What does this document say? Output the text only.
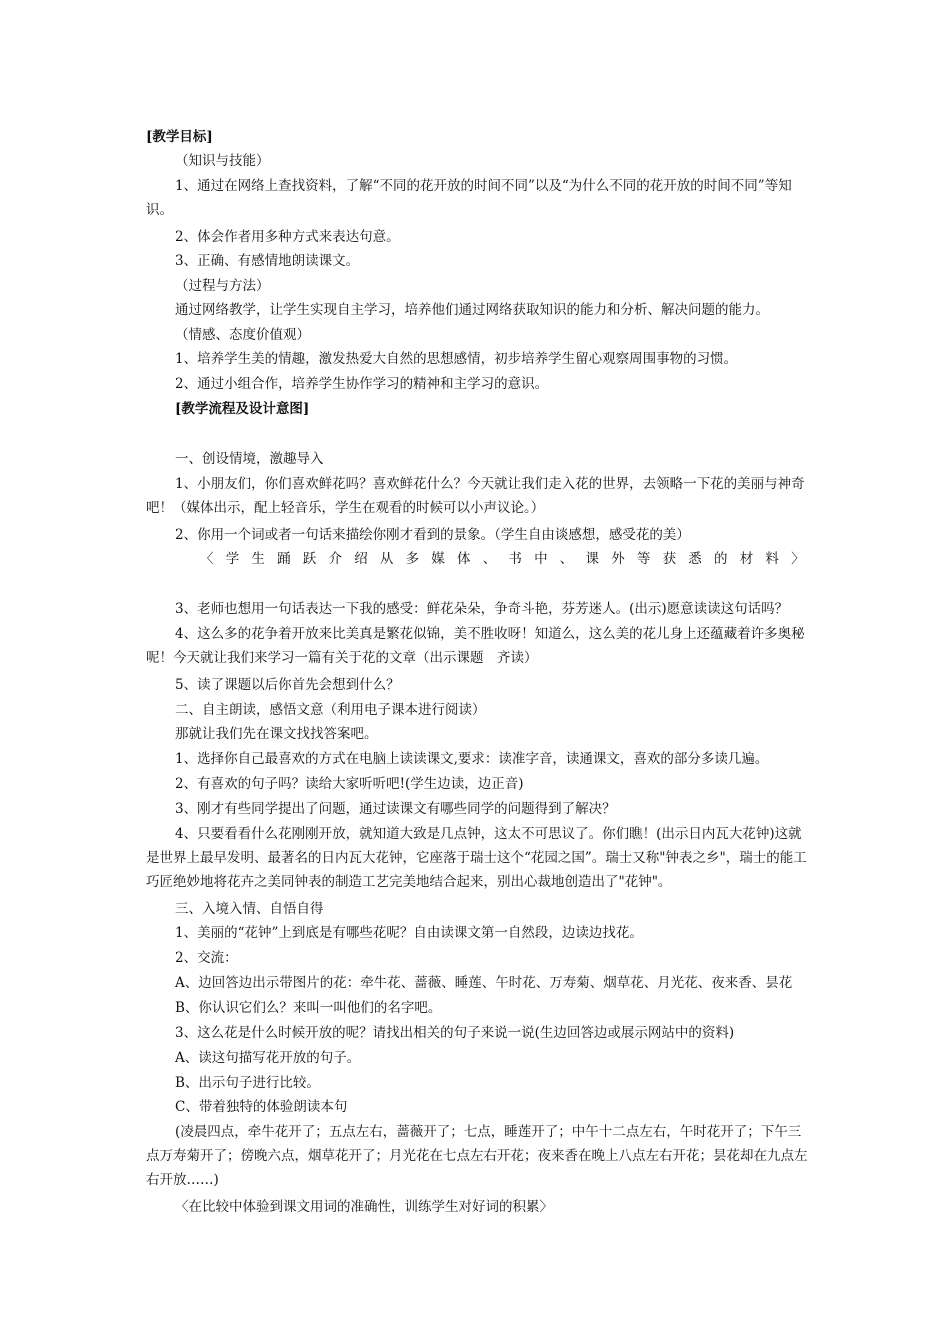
[教学目标]
（知识与技能）
1、通过在网络上查找资料，了解“不同的花开放的时间不同”以及“为什么不同的花开放的时间不同”等知识。
2、体会作者用多种方式来表达句意。
3、正确、有感情地朗读课文。
（过程与方法）
通过网络教学，让学生实现自主学习，培养他们通过网络获取知识的能力和分析、解决问题的能力。
（情感、态度价值观）
1、培养学生美的情趣，激发热爱大自然的思想感情，初步培养学生留心观察周围事物的习惯。
2、通过小组合作，培养学生协作学习的精神和主学习的意识。
[教学流程及设计意图]
一、创设情境，激趣导入
1、小朋友们，你们喜欢鲜花吗？喜欢鲜花什么？今天就让我们走入花的世界，去领略一下花的美丽与神奇吧！（媒体出示，配上轻音乐，学生在观看的时候可以小声议论。）
2、你用一个词或者一句话来描绘你刚才看到的景象。（学生自由谈感想，感受花的美）
〈学生踊跃介绍从多媒体、书中、课外等获悉的材料〉
3、老师也想用一句话表达一下我的感受：鲜花朵朵，争奇斗艳，芬芳迷人。(出示)愿意读读这句话吗？
4、这么多的花争着开放来比美真是繁花似锦，美不胜收呀！知道么，这么美的花儿身上还蕴藏着许多奥秘呢！今天就让我们来学习一篇有关于花的文章（出示课题　齐读）
5、读了课题以后你首先会想到什么？
二、自主朗读，感悟文意（利用电子课本进行阅读）
那就让我们先在课文找找答案吧。
1、选择你自己最喜欢的方式在电脑上读读课文,要求：读准字音，读通课文，喜欢的部分多读几遍。
2、有喜欢的句子吗？读给大家听听吧!(学生边读，边正音)
3、刚才有些同学提出了问题，通过读课文有哪些同学的问题得到了解决？
4、只要看看什么花刚刚开放，就知道大致是几点钟，这太不可思议了。你们瞧！(出示日内瓦大花钟)这就是世界上最早发明、最著名的日内瓦大花钟，它座落于瑞士这个“花园之国”。瑞士又称"钟表之乡"，瑞士的能工巧匠绝妙地将花卉之美同钟表的制造工艺完美地结合起来，别出心裁地创造出了"花钟"。
三、入境入情、自悟自得
1、美丽的“花钟”上到底是有哪些花呢？自由读课文第一自然段，边读边找花。
2、交流：
A、边回答边出示带图片的花：牵牛花、蔷薇、睡莲、午时花、万寿菊、烟草花、月光花、夜来香、昙花
B、你认识它们么？来叫一叫他们的名字吧。
3、这么花是什么时候开放的呢？请找出相关的句子来说一说(生边回答边或展示网站中的资料)
A、读这句描写花开放的句子。
B、出示句子进行比较。
C、带着独特的体验朗读本句
(凌晨四点，牵牛花开了；五点左右，蔷薇开了；七点，睡莲开了；中午十二点左右，午时花开了；下午三点万寿菊开了；傍晚六点，烟草花开了；月光花在七点左右开花；夜来香在晚上八点左右开花；昙花却在九点左右开放……)
〈在比较中体验到课文用词的准确性，训练学生对好词的积累〉
